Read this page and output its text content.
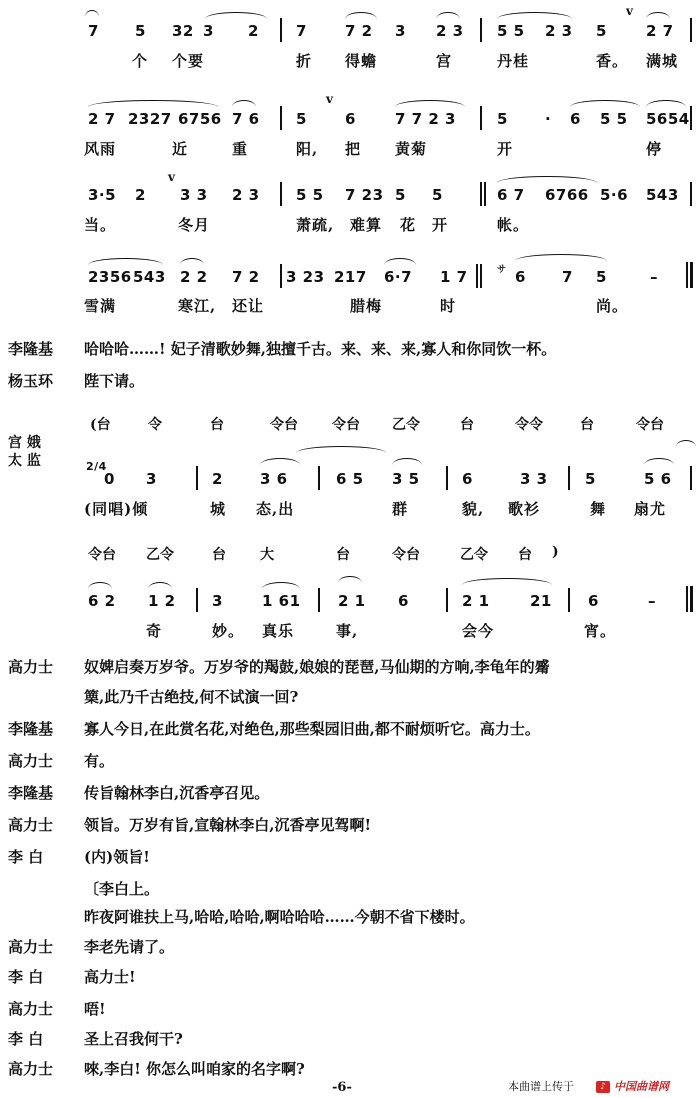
7 5 32 3 2 7	7 2 3 2 3 5 5 2 3 5	2 7
v
个 个要	折 得蟾	宫	丹桂	香。 满城
2 7 2327 6756 7 6 5	6	7 7 2 3	5 · 6 5 5 5654
v
风雨	近	重	阳, 把 黄菊	开	停
3·5 2 3 3 2 3 5 5 7 23 5 5	6 7 6766 5·6 543
v
当。	冬月	萧疏, 难算 花 开	帐。
2356 543 2 2 7 2 3 23 217 6·7 1 7	サ 6 7 5	–
雪满	寒江, 还让	腊梅	时	尚。
李隆基 哈哈哈……! 妃子清歌妙舞,独擅千古。来、来、来,寡人和你同饮一杯。
杨玉环 陛下请。
(台	令	台	令台 令台 乙令	台	令令	台	令台
宫 娥
太 监	2/4
0 3	2 3 6	6 5 3 5	6	3 3 5	5 6
(同唱)倾	城 态,出	群	貌, 歌衫	舞 扇尤
令台 乙令	台 大	台	令台	乙令 台 )
6 2 1 2 3	1 61 2 1 6	2 1	21 6	–
奇	妙。 真乐	事,	会今	宵。
高力士 奴婢启奏万岁爷。万岁爷的羯鼓,娘娘的琵琶,马仙期的方响,李龟年的觱
篥,此乃千古绝技,何不试演一回?
李隆基 寡人今日,在此赏名花,对绝色,那些梨园旧曲,都不耐烦听它。高力士。
高力士 有。
李隆基 传旨翰林李白,沉香亭召见。
高力士 领旨。万岁有旨,宣翰林李白,沉香亭见驾啊!
李 白	(内)领旨!
〔李白上。
昨夜阿谁扶上马,哈哈,哈哈,啊哈哈哈……今朝不省下楼时。
高力士 李老先请了。
李 白	高力士!
高力士 唔!
李 白	圣上召我何干?
高力士 唻,李白! 你怎么叫咱家的名字啊?
-6-	本曲谱上传于	♪ 中国曲谱网
